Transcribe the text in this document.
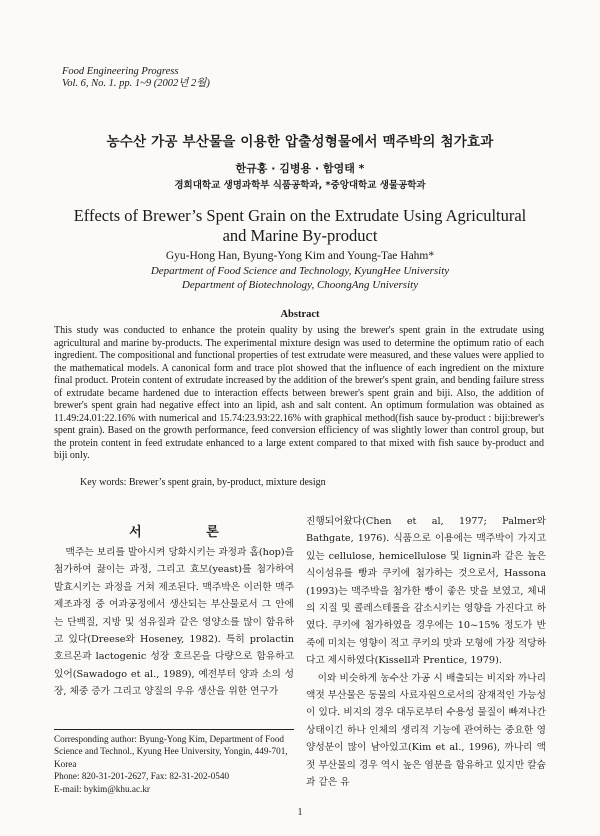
Food Engineering Progress
Vol. 6, No. 1. pp. 1~9 (2002년 2월)
농수산 가공 부산물을 이용한 압출성형물에서 맥주박의 첨가효과
한규홍 · 김병용 · 함영태 *
경희대학교 생명과학부 식품공학과, *중앙대학교 생물공학과
Effects of Brewer’s Spent Grain on the Extrudate Using Agricultural
and Marine By-product
Gyu-Hong Han, Byung-Yong Kim and Young-Tae Hahm*
Department of Food Science and Technology, KyungHee University
Department of Biotechnology, ChoongAng University
Abstract

This study was conducted to enhance the protein quality by using the brewer's spent grain in the extrudate using agricultural and marine by-products. The experimental mixture design was used to determine the optimum ratio of each ingredient. The compositional and functional properties of test extrudate were measured, and these values were applied to the mathematical models. A canonical form and trace plot showed that the influence of each ingredient on the mixture final product. Protein content of extrudate increased by the addition of the brewer's spent grain, and bending failure stress of extrudate became hardened due to interaction effects between brewer's spent grain and biji. Also, the addition of brewer's spent grain had negative effect into an lipid, ash and salt content. An optimum formulation was obtained as 11.49:24.01:22.16% with numerical and 15.74:23.93:22.16% with graphical method(fish sauce by-product : biji:brewer's spent grain). Based on the growth performance, feed conversion efficiency of was slightly lower than control group, but the protein content in feed extrudate enhanced to a large extent compared to that mixed with fish sauce by-product and biji only.

Key words: Brewer’s spent grain, by-product, mixture design
서 론

맥주는 보리를 발아시켜 당화시키는 과정과 홉(hop)을 첨가하여 끓이는 과정, 그리고 효모(yeast)를 첨가하여 발효시키는 과정을 거쳐 제조된다. 맥주박은 이러한 맥주 제조과정 중 여과공정에서 생산되는 부산물로서 그 안에는 단백질, 지방 및 섬유질과 같은 영양소를 많이 함유하고 있다(Dreese와 Hoseney, 1982). 특히 prolactin 호르몬과 lactogenic 성장 호르몬을 다량으로 함유하고 있어(Sawadogo et al., 1989), 예전부터 양과 소의 성장, 체중 증가 그리고 양질의 우유 생산을 위한 연구가

진행되어왔다(Chen et al, 1977; Palmer와 Bathgate, 1976). 식품으로 이용에는 맥주박이 가지고 있는 cellulose, hemicellulose 및 lignin과 같은 높은 식이섬유를 빵과 쿠키에 첨가하는 것으로서, Hassona (1993)는 맥주박을 첨가한 빵이 좋은 맛을 보였고, 체내의 지질 및 콜레스테롤을 감소시키는 영향을 가진다고 하였다. 쿠키에 첨가하였을 경우에는 10~15% 정도가 반죽에 미치는 영향이 적고 쿠키의 맛과 모형에 가장 적당하다고 제시하였다(Kissell과 Prentice, 1979).

이와 비슷하게 농수산 가공 시 배출되는 비지와 까나리 액젓 부산물은 동물의 사료자원으로서의 잠재적인 가능성이 있다. 비지의 경우 대두로부터 수용성 물질이 빠져나간 상태이긴 하나 인체의 생리적 기능에 관여하는 중요한 영양성분이 많이 남아있고(Kim et al., 1996), 까나리 액젓 부산물의 경우 역시 높은 염분을 함유하고 있지만 칼슘과 같은 유

Corresponding author: Byung-Yong Kim, Department of Food Science and Technol., Kyung Hee University, Yongin, 449-701, Korea

Phone: 820-31-201-2627, Fax: 82-31-202-0540

E-mail: bykim@khu.ac.kr

1
